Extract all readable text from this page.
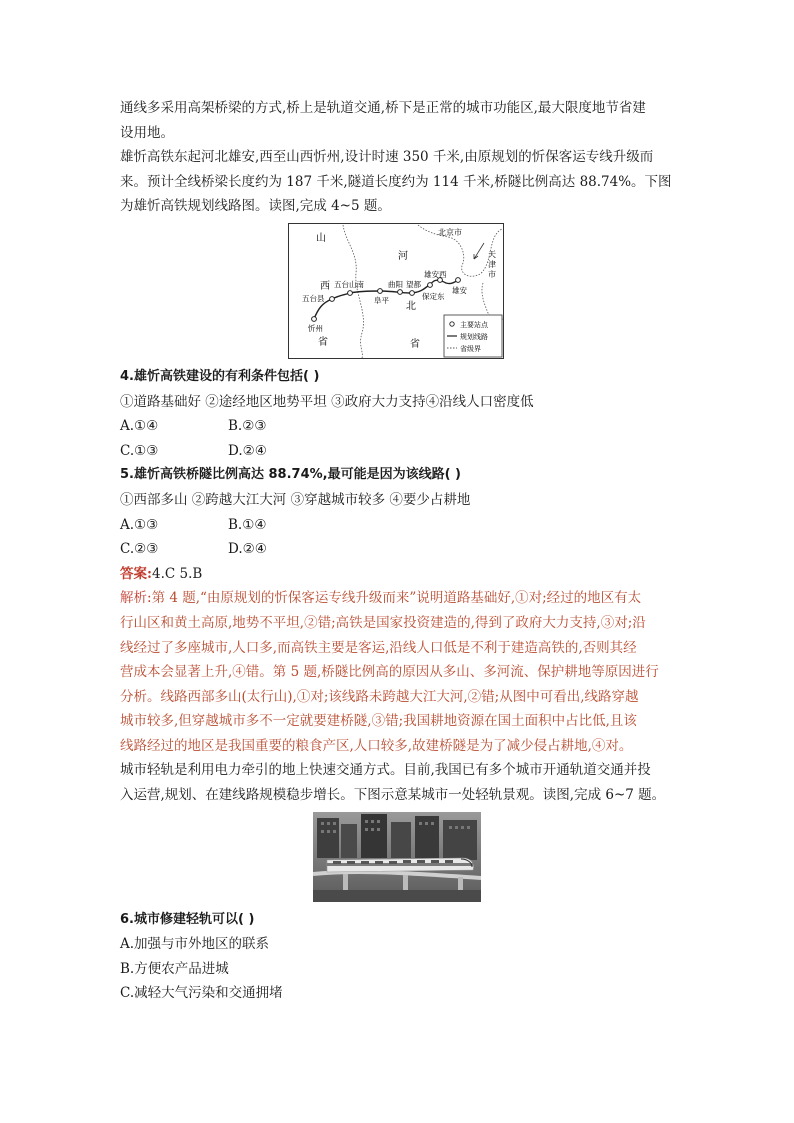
通线多采用高架桥梁的方式,桥上是轨道交通,桥下是正常的城市功能区,最大限度地节省建

设用地。

雄忻高铁东起河北雄安,西至山西忻州,设计时速 350 千米,由原规划的忻保客运专线升级而

来。预计全线桥梁长度约为 187 千米,隧道长度约为 114 千米,桥隧比例高达 88.74%。下图

为雄忻高铁规划线路图。读图,完成 4~5 题。

山
西
省
河
北
省
北京市
天
津
市
五台山南
五台县
忻州
阜平
曲阳 望都
保定东
雄安西
雄安
主要站点
规划线路
省级界

4.雄忻高铁建设的有利条件包括( )

①道路基础好 ②途经地区地势平坦 ③政府大力支持④沿线人口密度低

A.①④	B.②③
C.①③	D.②④

5.雄忻高铁桥隧比例高达 88.74%,最可能是因为该线路( )

①西部多山 ②跨越大江大河 ③穿越城市较多 ④要少占耕地

A.①③	B.①④
C.②③	D.②④

答案:4.C 5.B

解析:第 4 题,“由原规划的忻保客运专线升级而来”说明道路基础好,①对;经过的地区有太

行山区和黄土高原,地势不平坦,②错;高铁是国家投资建造的,得到了政府大力支持,③对;沿

线经过了多座城市,人口多,而高铁主要是客运,沿线人口低是不利于建造高铁的,否则其经

营成本会显著上升,④错。第 5 题,桥隧比例高的原因从多山、多河流、保护耕地等原因进行

分析。线路西部多山(太行山),①对;该线路未跨越大江大河,②错;从图中可看出,线路穿越

城市较多,但穿越城市多不一定就要建桥隧,③错;我国耕地资源在国土面积中占比低,且该

线路经过的地区是我国重要的粮食产区,人口较多,故建桥隧是为了减少侵占耕地,④对。

城市轻轨是利用电力牵引的地上快速交通方式。目前,我国已有多个城市开通轨道交通并投

入运营,规划、在建线路规模稳步增长。下图示意某城市一处轻轨景观。读图,完成 6~7 题。

6.城市修建轻轨可以( )

A.加强与市外地区的联系

B.方便农产品进城

C.减轻大气污染和交通拥堵
